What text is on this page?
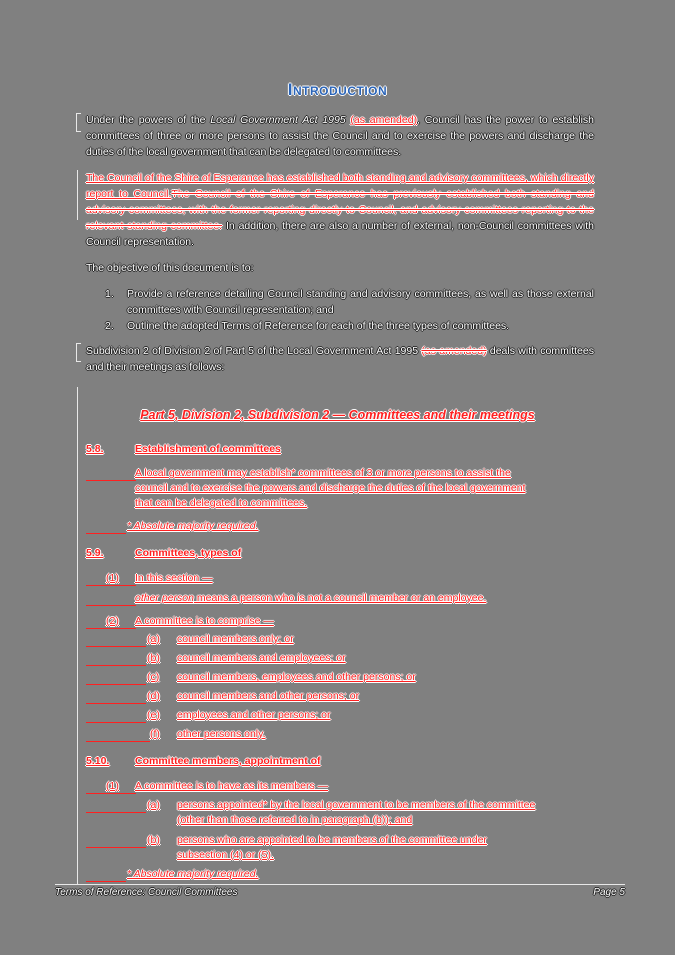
Introduction
Under the powers of the Local Government Act 1995 (as amended), Council has the power to establish committees of three or more persons to assist the Council and to exercise the powers and discharge the duties of the local government that can be delegated to committees.
The Council of the Shire of Esperance has established both standing and advisory committees, which directly report to Council.The Council of the Shire of Esperance has previously established both standing and advisory committees, with the former reporting directly to Council, and advisory committees reporting to the relevant standing committee. In addition, there are also a number of external, non-Council committees with Council representation.
The objective of this document is to:
1.	Provide a reference detailing Council standing and advisory committees, as well as those external committees with Council representation; and
2.	Outline the adopted Terms of Reference for each of the three types of committees.
Subdivision 2 of Division 2 of Part 5 of the Local Government Act 1995 (as amended) deals with committees and their meetings as follows:
Part 5, Division 2, Subdivision 2 — Committees and their meetings
5.8.	Establishment of committees
A local government may establish* committees of 3 or more persons to assist the
council and to exercise the powers and discharge the duties of the local government
that can be delegated to committees.
* Absolute majority required.
5.9.	Committees, types of
(1) In this section —
other person means a person who is not a council member or an employee.
(2) A committee is to comprise —
(a) council members only; or
(b) council members and employees; or
(c) council members, employees and other persons; or
(d) council members and other persons; or
(e) employees and other persons; or
(f) other persons only.
5.10. Committee members, appointment of
(1) A committee is to have as its members —
(a) persons appointed* by the local government to be members of the committee
(other than those referred to in paragraph (b)); and
(b) persons who are appointed to be members of the committee under
subsection (4) or (5).
* Absolute majority required.
Terms of Reference: Council Committees	Page 5
